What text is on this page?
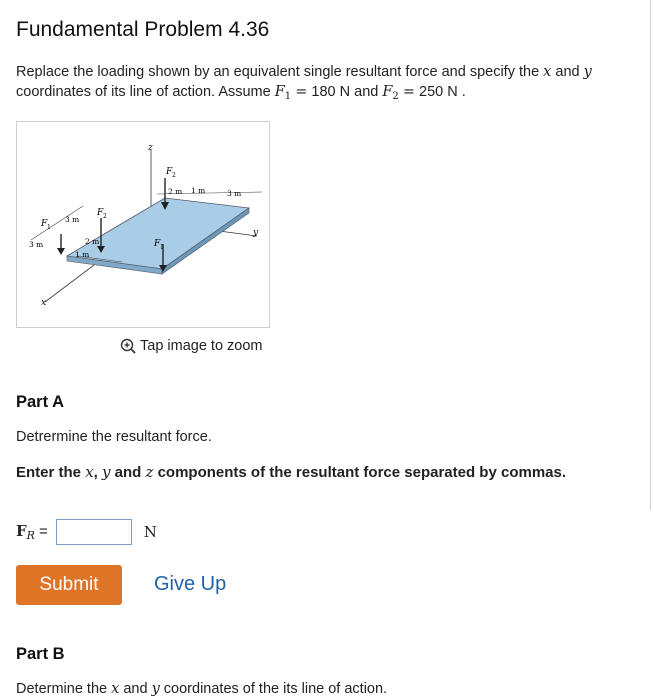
Fundamental Problem 4.36
Replace the loading shown by an equivalent single resultant force and specify the x and y
coordinates of its line of action. Assume $F_1 = 180$ N and $F_2 = 250$ N .
z
y
x
F 2
F 1
F 2
F 1
2 m 1 m	3 m
3 m
3 m	2 m
1 m
Tap image to zoom
Part A
Detrermine the resultant force.
Enter the x, y and z components of the resultant force separated by commas.
$F_R$ =	N
Submit	Give Up
Part B
Determine the x and y coordinates of the its line of action.
